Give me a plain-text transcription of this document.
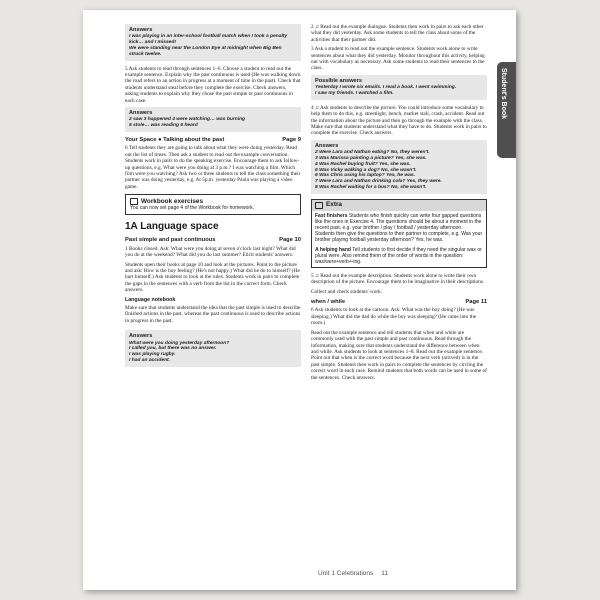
Answers
I was playing in an inter-school football match when I took a penalty kick… and I missed!
We were standing near the London Eye at midnight when Big Ben struck twelve.

5 Ask students to read through sentences 1–6. Choose a student to read out the example sentence. Explain why the past continuous is used (He was walking down the road refers to an action in progress at a moment of time in the past). Check that students understand steal before they complete the exercise. Check answers, asking students to explain why they chose the past simple or past continuous in each case.

Answers
2 saw 3 happened 4 were watching… was burning
5 stole… was reading 6 heard
Your Space ● Talking about the past	Page 9

6 Tell students they are going to talk about what they were doing yesterday. Read out the list of times. Then ask a student to read out the example conversation. Students work in pairs to do the speaking exercise. Encourage them to ask follow-up questions, e.g. What were you doing at 3 p.m.? I was watching a film. Which film were you watching? Ask two or three students to tell the class something their partner was doing yesterday, e.g. At 5p.m. yesterday Paula was playing a video game.

Workbook exercises
You can now set page 4 of the Workbook for homework.
1A Language space
Past simple and past continuous	Page 10

1 Books closed. Ask: What were you doing at seven o'clock last night? What did you do at the weekend? What did you do last summer? Elicit students' answers.

Students open their books at page 10 and look at the pictures. Point to the picture and ask: How is the boy feeling? (He's not happy.) What did he do to himself? (He hurt himself.) Ask students to look at the rules. Students work in pairs to complete the gaps in the sentences with a verb from the list in the correct form. Check answers.

Language notebook

Make sure that students understand the idea that the past simple is used to describe finished actions in the past, whereas the past continuous is used to describe actions in progress in the past.

Answers
What were you doing yesterday afternoon?
I called you, but there was no answer.
I was playing rugby.
I had an accident.

2 ♫ Read out the example dialogue. Students then work in pairs to ask each other what they did yesterday. Ask some students to tell the class about some of the activities that their partner did.

3 Ask a student to read out the example sentence. Students work alone to write sentences about what they did yesterday. Monitor throughout this activity, helping out with vocabulary as necessary. Ask some students to read their sentences to the class.

Possible answers
Yesterday I wrote six emails. I read a book. I went swimming.
I saw my friends. I watched a film.

4 ♫ Ask students to describe the picture. You could introduce some vocabulary to help them to do this, e.g. streetlight, bench, market stall, crash, accident. Read out the information about the picture and then go through the example with the class. Make sure that students understand what they have to do. Students work in pairs to complete the exercise. Check answers.

Answers
2 Were Lara and Nathan eating? No, they weren't.
3 Was Marissa painting a picture? Yes, she was.
4 Was Rachel buying fruit? Yes, she was.
5 Was Vicky walking a dog? No, she wasn't.
6 Was Chris using his laptop? Yes, he was.
7 Were Lara and Nathan drinking cola? Yes, they were.
8 Was Rachel waiting for a bus? No, she wasn't.
Extra
Fast finishers Students who finish quickly can write four gapped questions like the ones in Exercise 4. The questions should be about a moment in the recent past, e.g. your brother / play / football / yesterday afternoon. Students then give the questions to their partner to complete, e.g. Was your brother playing football yesterday afternoon? Yes, he was.
A helping hand Tell students to first decide if they need the singular was or plural were. Also remind them of the order of words in the question: was/were+verb+-ing.

5 ♫ Read out the example description. Students work alone to write their own description of the picture. Encourage them to be imaginative in their descriptions.

Collect and check students' work.

when / while	Page 11

6 Ask students to look at the cartoon. Ask: What was the boy doing? (He was sleeping.) What did the dad do while the boy was sleeping? (He came into the room.)

Read out the example sentence and tell students that when and while are commonly used with the past simple and past continuous. Read through the information, making sure that students understand the difference between when and while. Ask students to look at sentences 1–8. Read out the example sentence. Point out that when is the correct word because the next verb (arrived) is in the past simple. Students then work in pairs to complete the sentences by circling the correct word in each case. Remind students that both words can be used in some of the sentences. Check answers.

Student's Book
Unit 1 Celebrations 11
